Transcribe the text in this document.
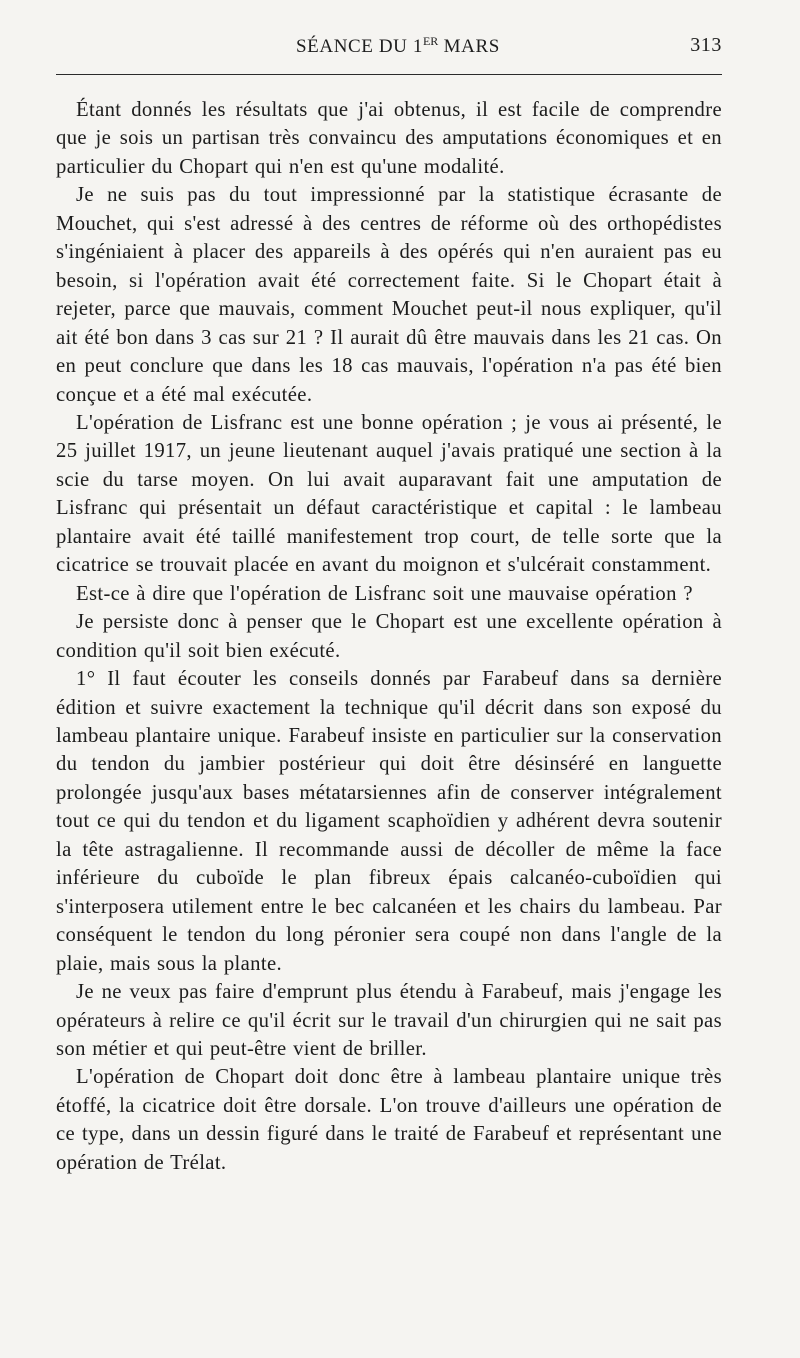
SÉANCE DU 1ER MARS	313

Étant donnés les résultats que j'ai obtenus, il est facile de comprendre que je sois un partisan très convaincu des amputations économiques et en particulier du Chopart qui n'en est qu'une modalité.

Je ne suis pas du tout impressionné par la statistique écrasante de Mouchet, qui s'est adressé à des centres de réforme où des orthopédistes s'ingéniaient à placer des appareils à des opérés qui n'en auraient pas eu besoin, si l'opération avait été correctement faite. Si le Chopart était à rejeter, parce que mauvais, comment Mouchet peut-il nous expliquer, qu'il ait été bon dans 3 cas sur 21 ? Il aurait dû être mauvais dans les 21 cas. On en peut conclure que dans les 18 cas mauvais, l'opération n'a pas été bien conçue et a été mal exécutée.

L'opération de Lisfranc est une bonne opération ; je vous ai présenté, le 25 juillet 1917, un jeune lieutenant auquel j'avais pratiqué une section à la scie du tarse moyen. On lui avait auparavant fait une amputation de Lisfranc qui présentait un défaut caractéristique et capital : le lambeau plantaire avait été taillé manifestement trop court, de telle sorte que la cicatrice se trouvait placée en avant du moignon et s'ulcérait constamment.

Est-ce à dire que l'opération de Lisfranc soit une mauvaise opération ?

Je persiste donc à penser que le Chopart est une excellente opération à condition qu'il soit bien exécuté.

1° Il faut écouter les conseils donnés par Farabeuf dans sa dernière édition et suivre exactement la technique qu'il décrit dans son exposé du lambeau plantaire unique. Farabeuf insiste en particulier sur la conservation du tendon du jambier postérieur qui doit être désinséré en languette prolongée jusqu'aux bases métatarsiennes afin de conserver intégralement tout ce qui du tendon et du ligament scaphoïdien y adhérent devra soutenir la tête astragalienne. Il recommande aussi de décoller de même la face inférieure du cuboïde le plan fibreux épais calcanéo-cuboïdien qui s'interposera utilement entre le bec calcanéen et les chairs du lambeau. Par conséquent le tendon du long péronier sera coupé non dans l'angle de la plaie, mais sous la plante.

Je ne veux pas faire d'emprunt plus étendu à Farabeuf, mais j'engage les opérateurs à relire ce qu'il écrit sur le travail d'un chirurgien qui ne sait pas son métier et qui peut-être vient de briller.

L'opération de Chopart doit donc être à lambeau plantaire unique très étoffé, la cicatrice doit être dorsale. L'on trouve d'ailleurs une opération de ce type, dans un dessin figuré dans le traité de Farabeuf et représentant une opération de Trélat.
